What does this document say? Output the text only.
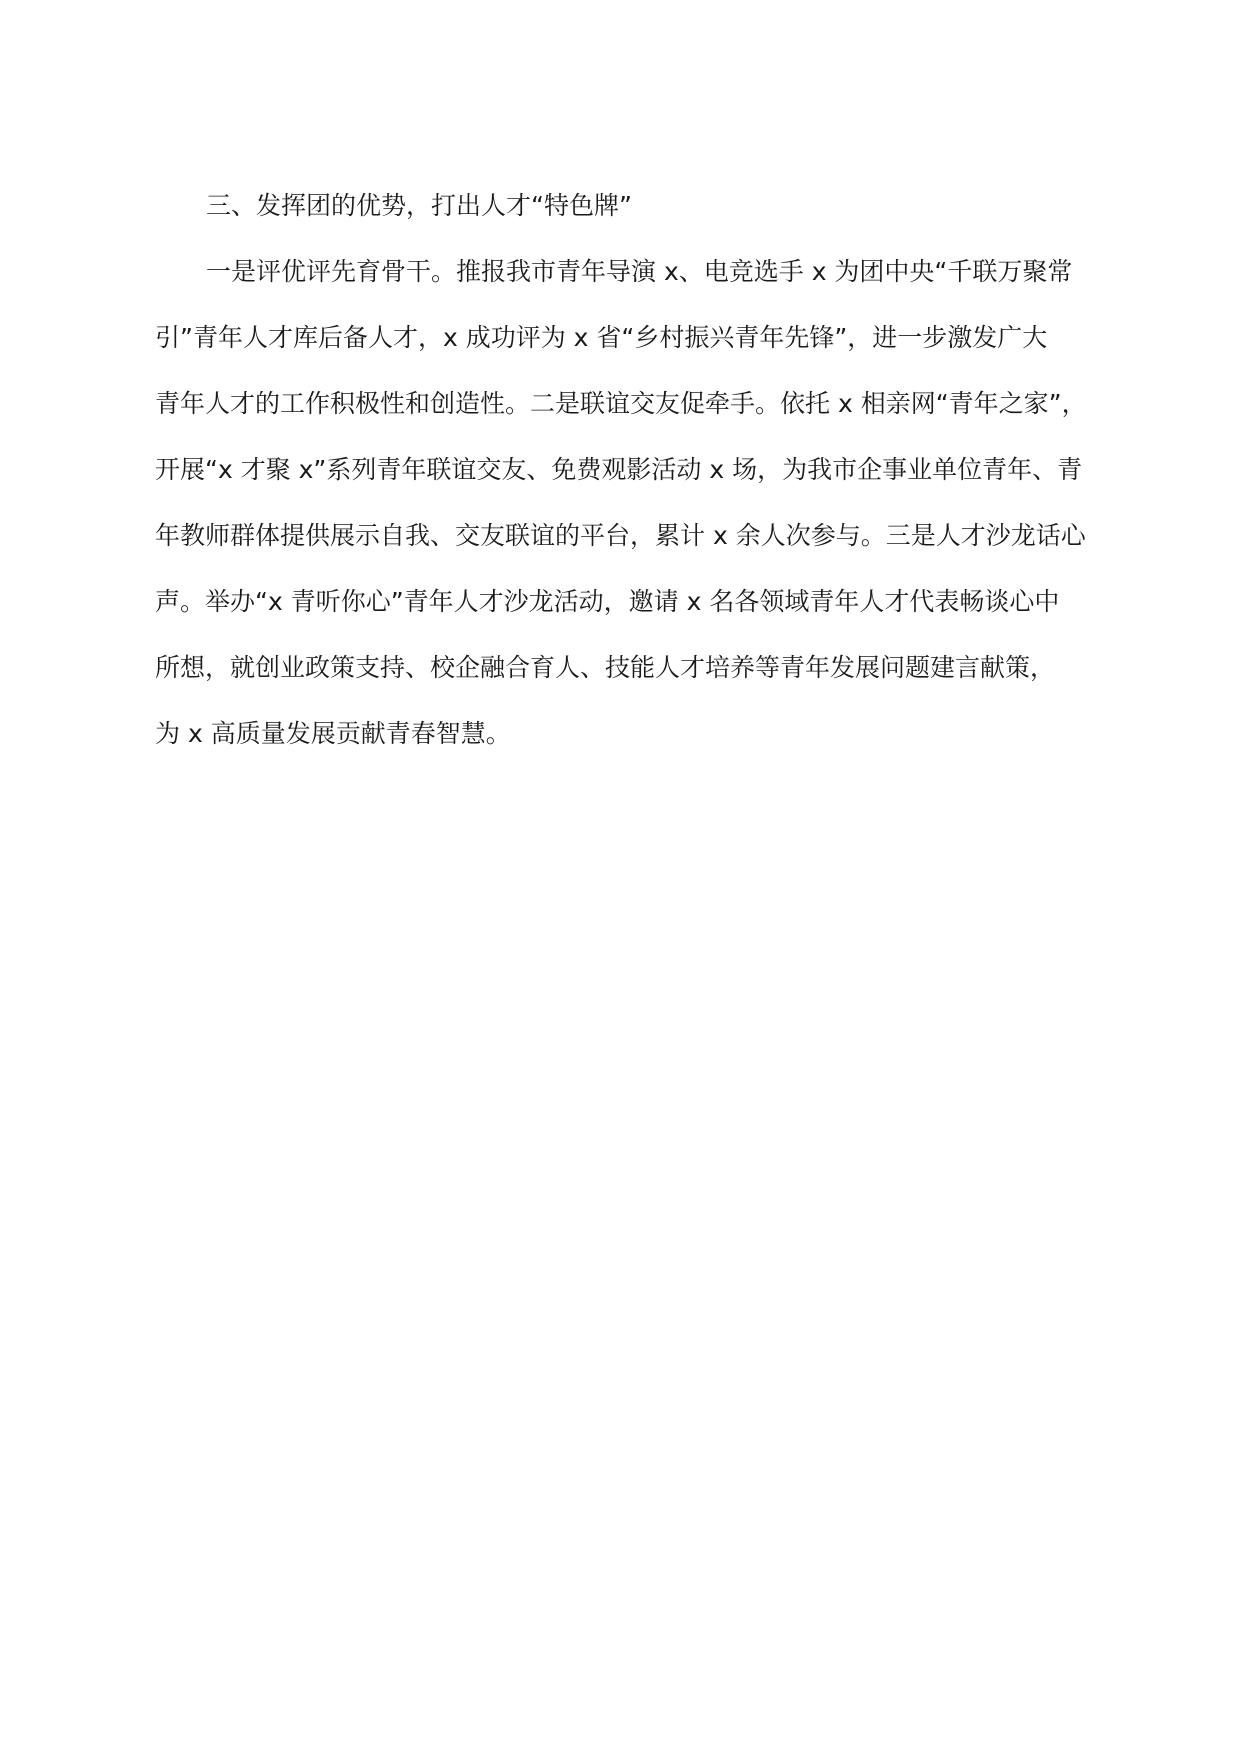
三、发挥团的优势，打出人才“特色牌”

一是评优评先育骨干。推报我市青年导演 x、电竞选手 x 为团中央“千联万聚常

引”青年人才库后备人才，x 成功评为 x 省“乡村振兴青年先锋”，进一步激发广大

青年人才的工作积极性和创造性。二是联谊交友促牵手。依托 x 相亲网“青年之家”，

开展“x 才聚 x”系列青年联谊交友、免费观影活动 x 场，为我市企事业单位青年、青

年教师群体提供展示自我、交友联谊的平台，累计 x 余人次参与。三是人才沙龙话心

声。举办“x 青听你心”青年人才沙龙活动，邀请 x 名各领域青年人才代表畅谈心中

所想，就创业政策支持、校企融合育人、技能人才培养等青年发展问题建言献策，

为 x 高质量发展贡献青春智慧。
